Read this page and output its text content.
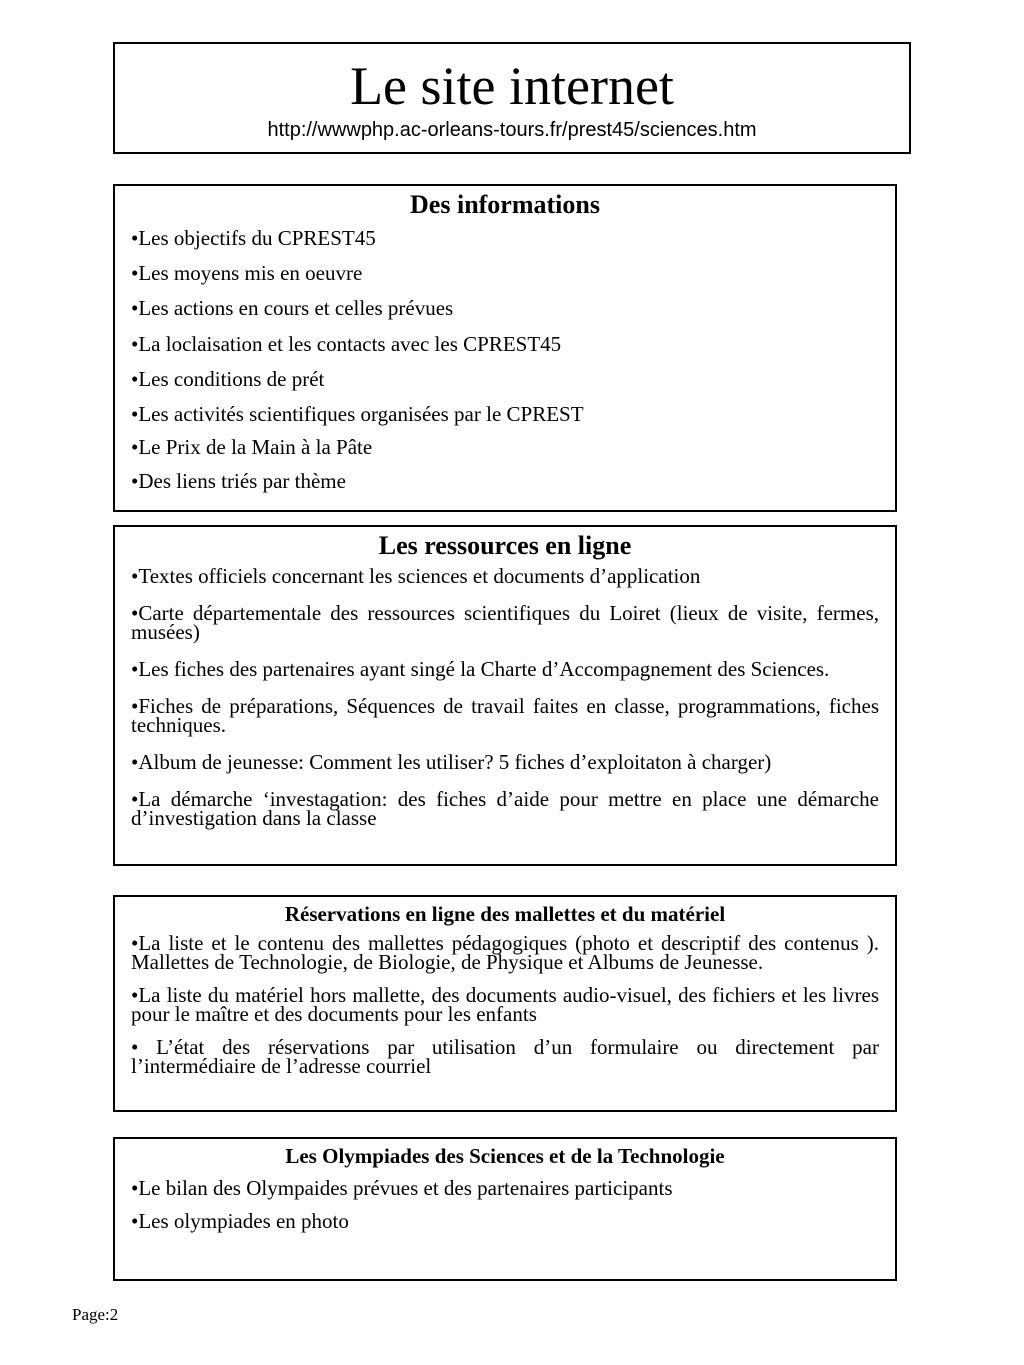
Le site internet
http://wwwphp.ac-orleans-tours.fr/prest45/sciences.htm
Des informations
•Les objectifs du CPREST45
•Les moyens mis en oeuvre
•Les actions en cours et celles prévues
•La loclaisation et les contacts avec les CPREST45
•Les conditions de prét
•Les activités scientifiques organisées par le CPREST
•Le Prix de la Main à la Pâte
•Des liens triés par thème
Les ressources en ligne
•Textes officiels concernant les sciences et documents d’application
•Carte départementale des ressources scientifiques du Loiret (lieux de visite, fermes, musées)
•Les fiches des partenaires ayant singé la Charte d’Accompagnement des Sciences.
•Fiches de préparations, Séquences de travail faites en classe, programmations, fiches techniques.
•Album de jeunesse: Comment les utiliser? 5 fiches d’exploitaton à charger)
•La démarche ‘investagation: des fiches d’aide pour mettre en place une démarche d’investigation dans la classe
Réservations en ligne des mallettes et du matériel
•La liste et le contenu des mallettes pédagogiques (photo et descriptif des contenus ). Mallettes de Technologie, de Biologie, de Physique et Albums de Jeunesse.
•La liste du matériel hors mallette, des documents audio-visuel, des fichiers et les livres pour le maître et des documents pour les enfants
• L’état des réservations par utilisation d’un formulaire ou directement par l’intermédiaire de l’adresse courriel
Les Olympiades des Sciences et de la Technologie
•Le bilan des Olympaides prévues et des partenaires participants
•Les olympiades en photo
Page:2
